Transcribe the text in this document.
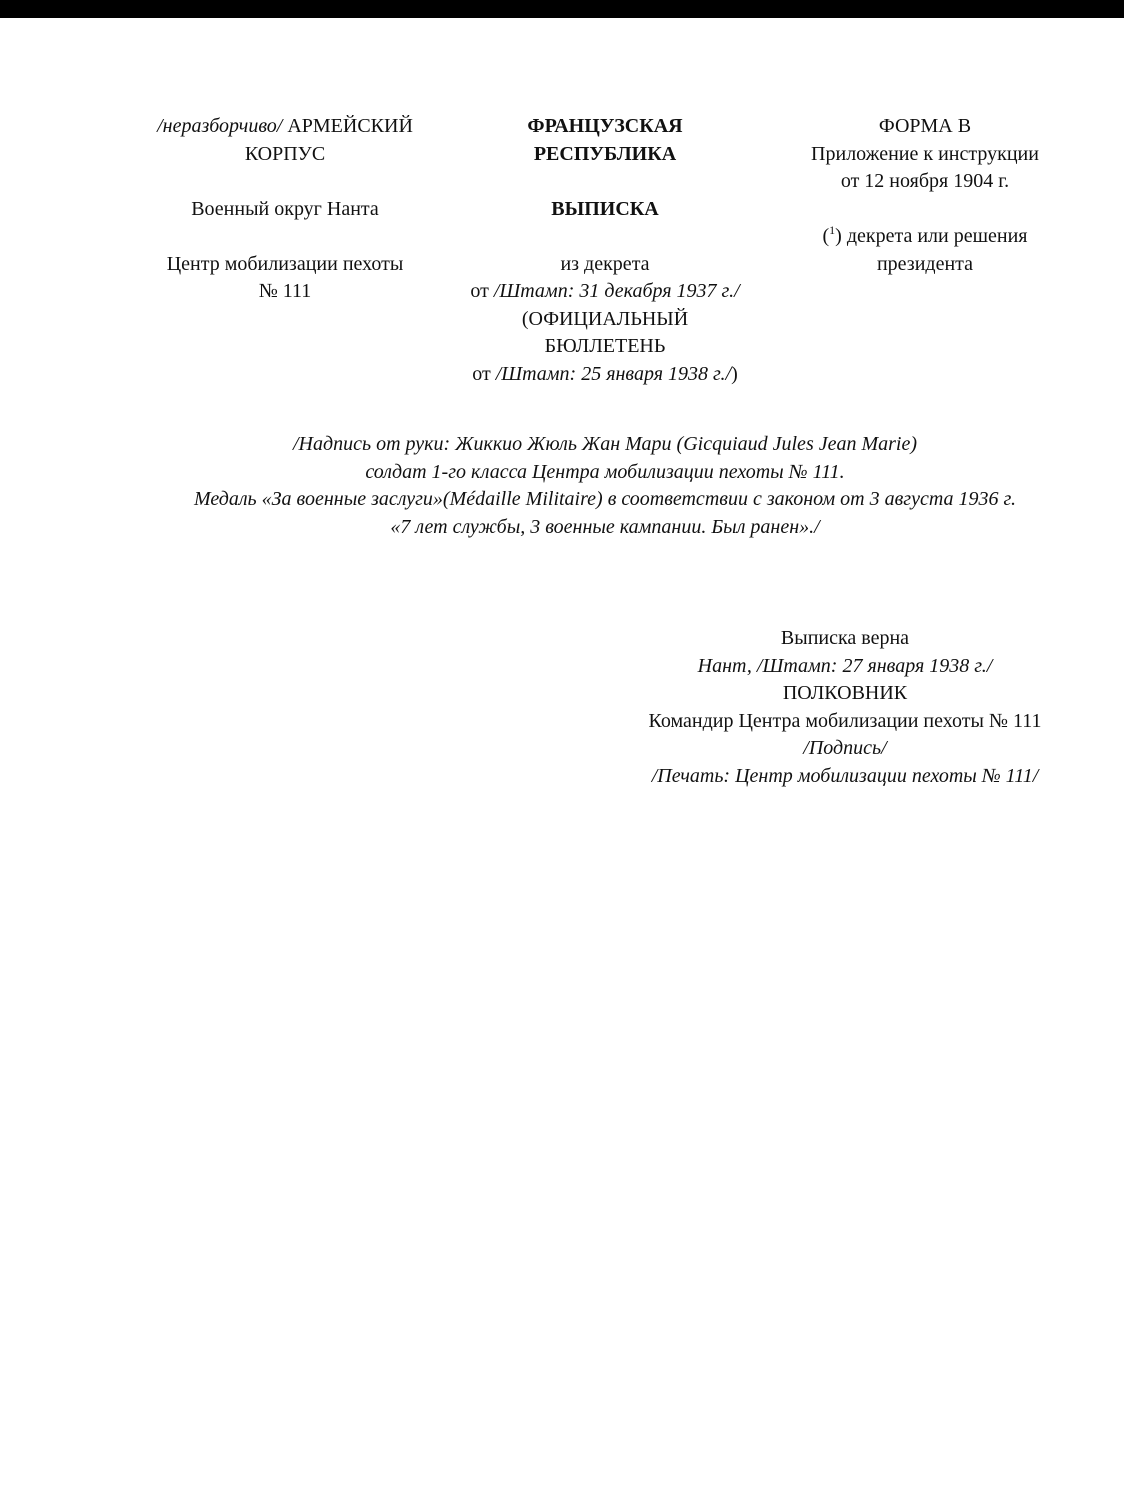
/неразборчиво/ АРМЕЙСКИЙ
КОРПУС
Военный округ Нанта
Центр мобилизации пехоты
№ 111
ФРАНЦУЗСКАЯ
РЕСПУБЛИКА
ВЫПИСКА
из декрета
от /Штамп: 31 декабря 1937 г./
(ОФИЦИАЛЬНЫЙ
БЮЛЛЕТЕНЬ
от /Штамп: 25 января 1938 г./)
ФОРМА В
Приложение к инструкции
от 12 ноября 1904 г.
($^1$) декрета или решения
президента
/Надпись от руки: Жиккио Жюль Жан Мари (Gicquiaud Jules Jean Marie)
солдат 1-го класса Центра мобилизации пехоты № 111.
Медаль «За военные заслуги»(Médaille Militaire) в соответствии с законом от 3 августа 1936 г.
«7 лет службы, 3 военные кампании. Был ранен»./
Выписка верна
Нант, /Штамп: 27 января 1938 г./
ПОЛКОВНИК
Командир Центра мобилизации пехоты № 111
/Подпись/
/Печать: Центр мобилизации пехоты № 111/
